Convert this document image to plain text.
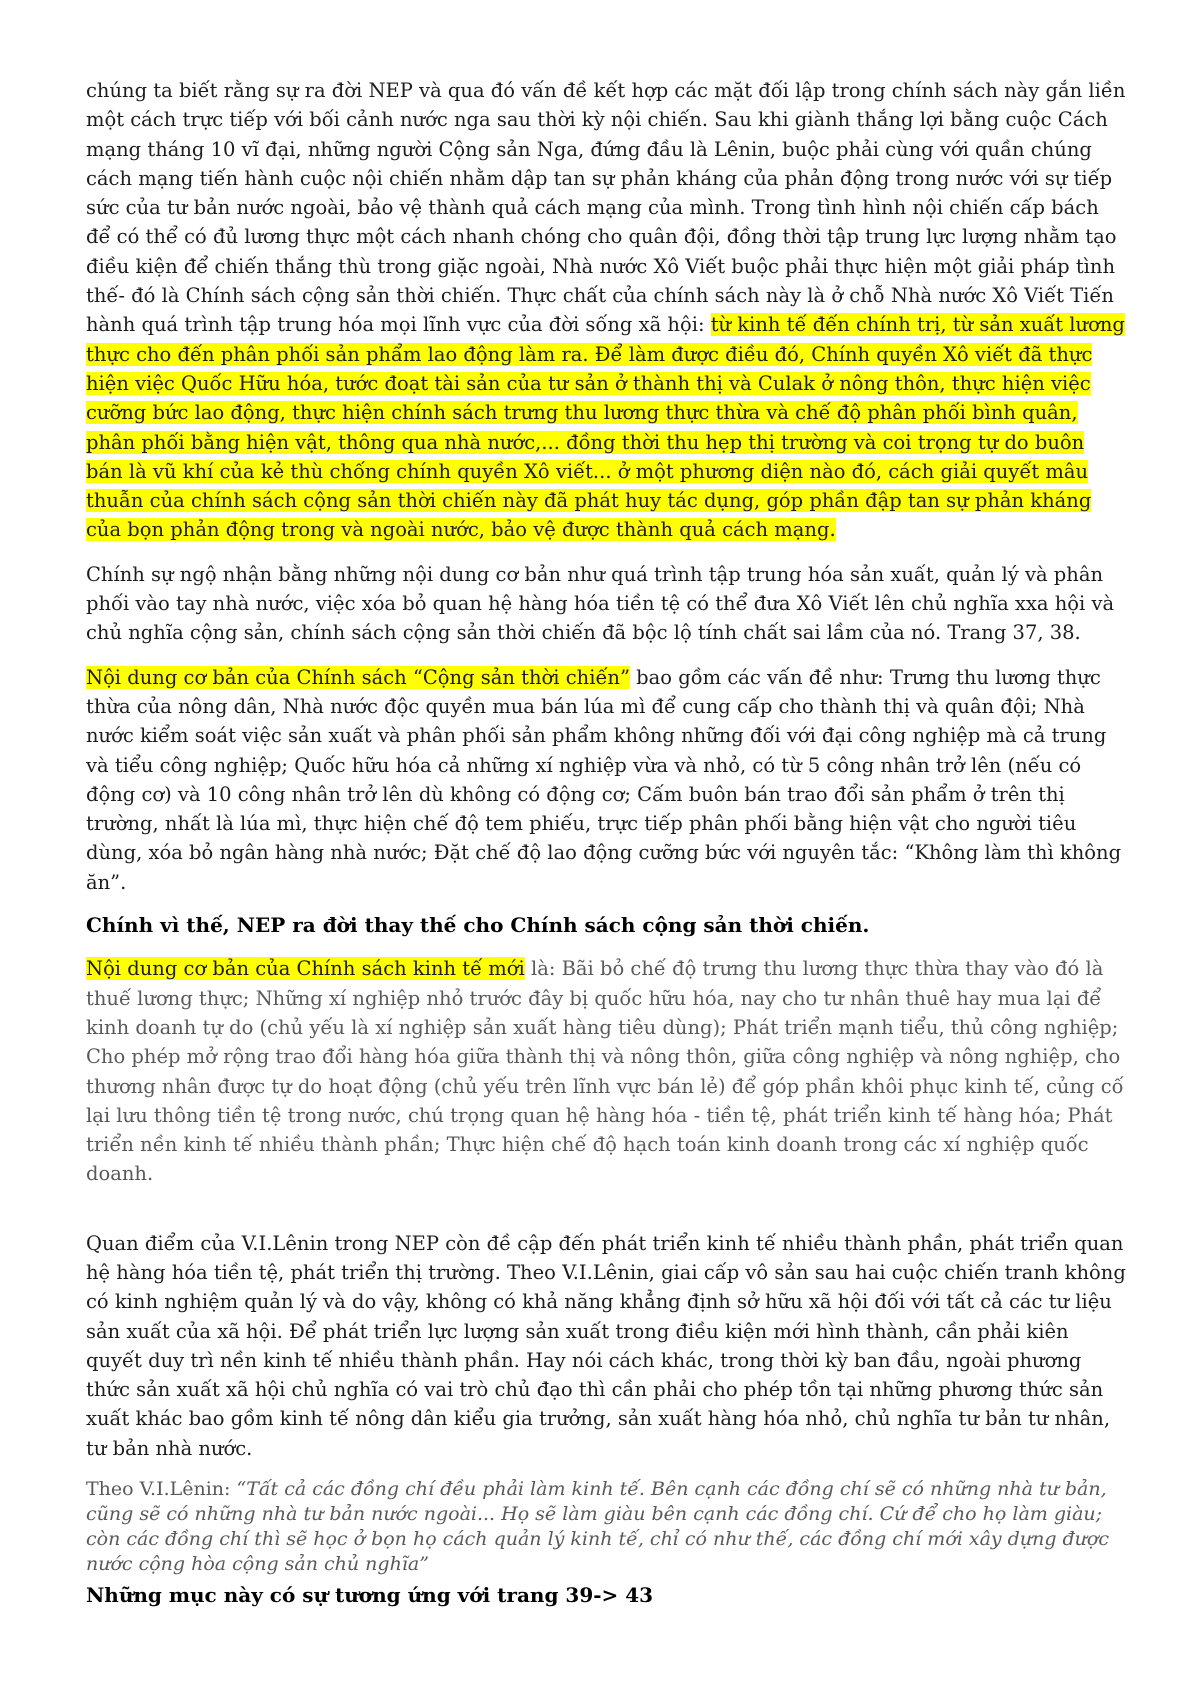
chúng ta biết rằng sự ra đời NEP và qua đó vấn đề kết hợp các mặt đối lập trong chính sách này gắn liền một cách trực tiếp với bối cảnh nước nga sau thời kỳ nội chiến. Sau khi giành thắng lợi bằng cuộc Cách mạng tháng 10 vĩ đại, những người Cộng sản Nga, đứng đầu là Lênin, buộc phải cùng với quần chúng cách mạng tiến hành cuộc nội chiến nhằm dập tan sự phản kháng của phản động trong nước với sự tiếp sức của tư bản nước ngoài, bảo vệ thành quả cách mạng của mình. Trong tình hình nội chiến cấp bách để có thể có đủ lương thực một cách nhanh chóng cho quân đội, đồng thời tập trung lực lượng nhằm tạo điều kiện để chiến thắng thù trong giặc ngoài, Nhà nước Xô Viết buộc phải thực hiện một giải pháp tình thế- đó là Chính sách cộng sản thời chiến. Thực chất của chính sách này là ở chỗ Nhà nước Xô Viết Tiến hành quá trình tập trung hóa mọi lĩnh vực của đời sống xã hội: từ kinh tế đến chính trị, từ sản xuất lương thực cho đến phân phối sản phẩm lao động làm ra. Để làm được điều đó, Chính quyền Xô viết đã thực hiện việc Quốc Hữu hóa, tước đoạt tài sản của tư sản ở thành thị và Culak ở nông thôn, thực hiện việc cưỡng bức lao động, thực hiện chính sách trưng thu lương thực thừa và chế độ phân phối bình quân, phân phối bằng hiện vật, thông qua nhà nước,... đồng thời thu hẹp thị trường và coi trọng tự do buôn bán là vũ khí của kẻ thù chống chính quyền Xô viết... ở một phương diện nào đó, cách giải quyết mâu thuẫn của chính sách cộng sản thời chiến này đã phát huy tác dụng, góp phần đập tan sự phản kháng của bọn phản động trong và ngoài nước, bảo vệ được thành quả cách mạng.

Chính sự ngộ nhận bằng những nội dung cơ bản như quá trình tập trung hóa sản xuất, quản lý và phân phối vào tay nhà nước, việc xóa bỏ quan hệ hàng hóa tiền tệ có thể đưa Xô Viết lên chủ nghĩa xxa hội và chủ nghĩa cộng sản, chính sách cộng sản thời chiến đã bộc lộ tính chất sai lầm của nó. Trang 37, 38.

Nội dung cơ bản của Chính sách “Cộng sản thời chiến” bao gồm các vấn đề như: Trưng thu lương thực thừa của nông dân, Nhà nước độc quyền mua bán lúa mì để cung cấp cho thành thị và quân đội; Nhà nước kiểm soát việc sản xuất và phân phối sản phẩm không những đối với đại công nghiệp mà cả trung và tiểu công nghiệp; Quốc hữu hóa cả những xí nghiệp vừa và nhỏ, có từ 5 công nhân trở lên (nếu có động cơ) và 10 công nhân trở lên dù không có động cơ; Cấm buôn bán trao đổi sản phẩm ở trên thị trường, nhất là lúa mì, thực hiện chế độ tem phiếu, trực tiếp phân phối bằng hiện vật cho người tiêu dùng, xóa bỏ ngân hàng nhà nước; Đặt chế độ lao động cưỡng bức với nguyên tắc: “Không làm thì không ăn”.

Chính vì thế, NEP ra đời thay thế cho Chính sách cộng sản thời chiến.

Nội dung cơ bản của Chính sách kinh tế mới là: Bãi bỏ chế độ trưng thu lương thực thừa thay vào đó là thuế lương thực; Những xí nghiệp nhỏ trước đây bị quốc hữu hóa, nay cho tư nhân thuê hay mua lại để kinh doanh tự do (chủ yếu là xí nghiệp sản xuất hàng tiêu dùng); Phát triển mạnh tiểu, thủ công nghiệp; Cho phép mở rộng trao đổi hàng hóa giữa thành thị và nông thôn, giữa công nghiệp và nông nghiệp, cho thương nhân được tự do hoạt động (chủ yếu trên lĩnh vực bán lẻ) để góp phần khôi phục kinh tế, củng cố lại lưu thông tiền tệ trong nước, chú trọng quan hệ hàng hóa - tiền tệ, phát triển kinh tế hàng hóa; Phát triển nền kinh tế nhiều thành phần; Thực hiện chế độ hạch toán kinh doanh trong các xí nghiệp quốc doanh.

Quan điểm của V.I.Lênin trong NEP còn đề cập đến phát triển kinh tế nhiều thành phần, phát triển quan hệ hàng hóa tiền tệ, phát triển thị trường. Theo V.I.Lênin, giai cấp vô sản sau hai cuộc chiến tranh không có kinh nghiệm quản lý và do vậy, không có khả năng khẳng định sở hữu xã hội đối với tất cả các tư liệu sản xuất của xã hội. Để phát triển lực lượng sản xuất trong điều kiện mới hình thành, cần phải kiên quyết duy trì nền kinh tế nhiều thành phần. Hay nói cách khác, trong thời kỳ ban đầu, ngoài phương thức sản xuất xã hội chủ nghĩa có vai trò chủ đạo thì cần phải cho phép tồn tại những phương thức sản xuất khác bao gồm kinh tế nông dân kiểu gia trưởng, sản xuất hàng hóa nhỏ, chủ nghĩa tư bản tư nhân, tư bản nhà nước.

Theo V.I.Lênin: “Tất cả các đồng chí đều phải làm kinh tế. Bên cạnh các đồng chí sẽ có những nhà tư bản, cũng sẽ có những nhà tư bản nước ngoài... Họ sẽ làm giàu bên cạnh các đồng chí. Cứ để cho họ làm giàu; còn các đồng chí thì sẽ học ở bọn họ cách quản lý kinh tế, chỉ có như thế, các đồng chí mới xây dựng được nước cộng hòa cộng sản chủ nghĩa”

Những mục này có sự tương ứng với trang 39-> 43
